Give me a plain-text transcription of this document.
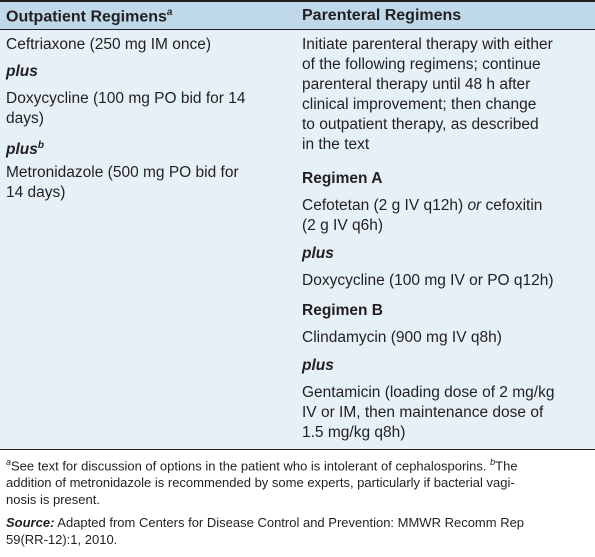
Outpatient Regimens$^a$	Parenteral Regimens
Ceftriaxone (250 mg IM once)
plus
Doxycycline (100 mg PO bid for 14
days)
plus$^b$
Metronidazole (500 mg PO bid for
14 days)
Initiate parenteral therapy with either
of the following regimens; continue
parenteral therapy until 48 h after
clinical improvement; then change
to outpatient therapy, as described
in the text
Regimen A
Cefotetan (2 g IV q12h) or cefoxitin
(2 g IV q6h)
plus
Doxycycline (100 mg IV or PO q12h)
Regimen B
Clindamycin (900 mg IV q8h)
plus
Gentamicin (loading dose of 2 mg/kg
IV or IM, then maintenance dose of
1.5 mg/kg q8h)
$^a$See text for discussion of options in the patient who is intolerant of cephalosporins. $^b$The
addition of metronidazole is recommended by some experts, particularly if bacterial vagi-
nosis is present.
Source: Adapted from Centers for Disease Control and Prevention: MMWR Recomm Rep
59(RR-12):1, 2010.
